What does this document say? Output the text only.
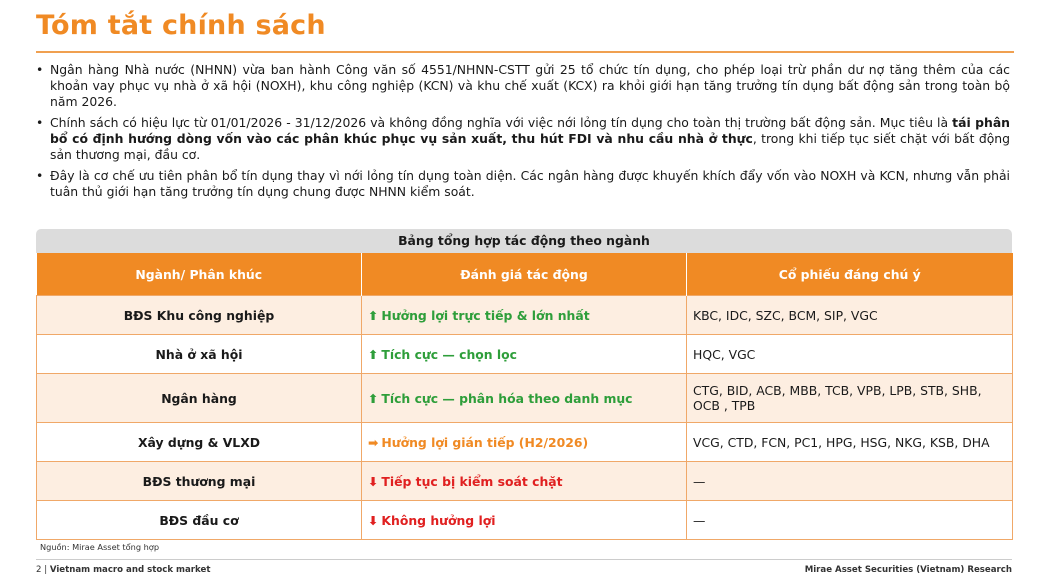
Tóm tắt chính sách
• Ngân hàng Nhà nước (NHNN) vừa ban hành Công văn số 4551/NHNN-CSTT gửi 25 tổ chức tín dụng, cho phép loại trừ phần dư nợ tăng thêm của các khoản vay phục vụ nhà ở xã hội (NOXH), khu công nghiệp (KCN) và khu chế xuất (KCX) ra khỏi giới hạn tăng trưởng tín dụng bất động sản trong toàn bộ năm 2026.
• Chính sách có hiệu lực từ 01/01/2026 - 31/12/2026 và không đồng nghĩa với việc nới lỏng tín dụng cho toàn thị trường bất động sản. Mục tiêu là tái phân bổ có định hướng dòng vốn vào các phân khúc phục vụ sản xuất, thu hút FDI và nhu cầu nhà ở thực, trong khi tiếp tục siết chặt với bất động sản thương mại, đầu cơ.
• Đây là cơ chế ưu tiên phân bổ tín dụng thay vì nới lỏng tín dụng toàn diện. Các ngân hàng được khuyến khích đẩy vốn vào NOXH và KCN, nhưng vẫn phải tuân thủ giới hạn tăng trưởng tín dụng chung được NHNN kiểm soát.
Bảng tổng hợp tác động theo ngành
Ngành/ Phân khúc	Đánh giá tác động	Cổ phiếu đáng chú ý
BĐS Khu công nghiệp	⬆ Hưởng lợi trực tiếp & lớn nhất	KBC, IDC, SZC, BCM, SIP, VGC
Nhà ở xã hội	⬆ Tích cực — chọn lọc	HQC, VGC
Ngân hàng	⬆ Tích cực — phân hóa theo danh mục	CTG, BID, ACB, MBB, TCB, VPB, LPB, STB, SHB, OCB , TPB
Xây dựng & VLXD	➡ Hưởng lợi gián tiếp (H2/2026)	VCG, CTD, FCN, PC1, HPG, HSG, NKG, KSB, DHA
BĐS thương mại	⬇ Tiếp tục bị kiểm soát chặt	—
BĐS đầu cơ	⬇ Không hưởng lợi	—
Nguồn: Mirae Asset tổng hợp
2 | Vietnam macro and stock market	Mirae Asset Securities (Vietnam) Research
